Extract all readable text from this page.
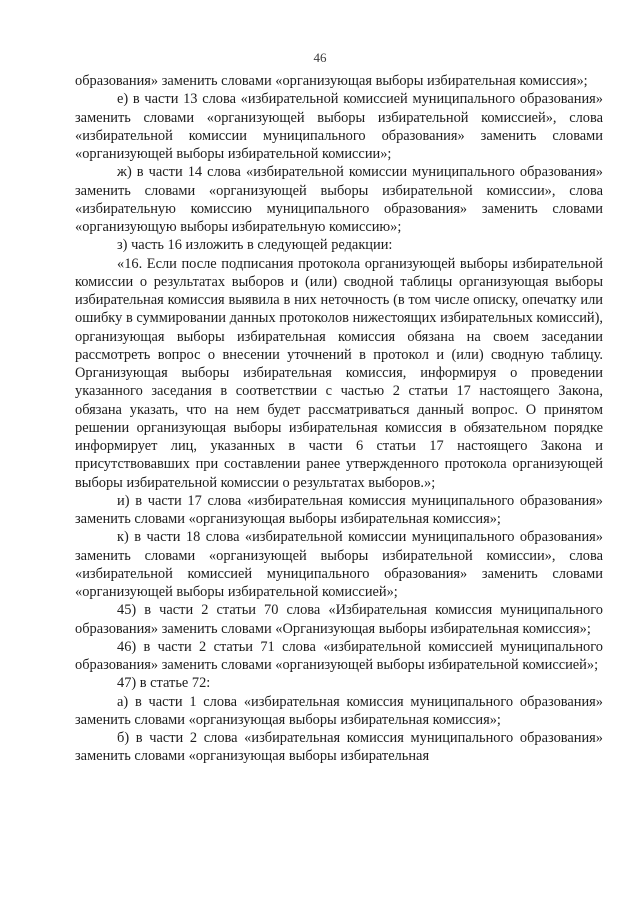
46

образования» заменить словами «организующая выборы избирательная комиссия»;

е) в части 13 слова «избирательной комиссией муниципального образования» заменить словами «организующей выборы избирательной комиссией», слова «избирательной комиссии муниципального образования» заменить словами «организующей выборы избирательной комиссии»;

ж) в части 14 слова «избирательной комиссии муниципального образования» заменить словами «организующей выборы избирательной комиссии», слова «избирательную комиссию муниципального образования» заменить словами «организующую выборы избирательную комиссию»;

з) часть 16 изложить в следующей редакции:

«16. Если после подписания протокола организующей выборы избирательной комиссии о результатах выборов и (или) сводной таблицы организующая выборы избирательная комиссия выявила в них неточность (в том числе описку, опечатку или ошибку в суммировании данных протоколов нижестоящих избирательных комиссий), организующая выборы избирательная комиссия обязана на своем заседании рассмотреть вопрос о внесении уточнений в протокол и (или) сводную таблицу. Организующая выборы избирательная комиссия, информируя о проведении указанного заседания в соответствии с частью 2 статьи 17 настоящего Закона, обязана указать, что на нем будет рассматриваться данный вопрос. О принятом решении организующая выборы избирательная комиссия в обязательном порядке информирует лиц, указанных в части 6 статьи 17 настоящего Закона и присутствовавших при составлении ранее утвержденного протокола организующей выборы избирательной комиссии о результатах выборов.»;

и) в части 17 слова «избирательная комиссия муниципального образования» заменить словами «организующая выборы избирательная комиссия»;

к) в части 18 слова «избирательной комиссии муниципального образования» заменить словами «организующей выборы избирательной комиссии», слова «избирательной комиссией муниципального образования» заменить словами «организующей выборы избирательной комиссией»;

45) в части 2 статьи 70 слова «Избирательная комиссия муниципального образования» заменить словами «Организующая выборы избирательная комиссия»;

46) в части 2 статьи 71 слова «избирательной комиссией муниципального образования» заменить словами «организующей выборы избирательной комиссией»;

47) в статье 72:

а) в части 1 слова «избирательная комиссия муниципального образования» заменить словами «организующая выборы избирательная комиссия»;

б) в части 2 слова «избирательная комиссия муниципального образования» заменить словами «организующая выборы избирательная
